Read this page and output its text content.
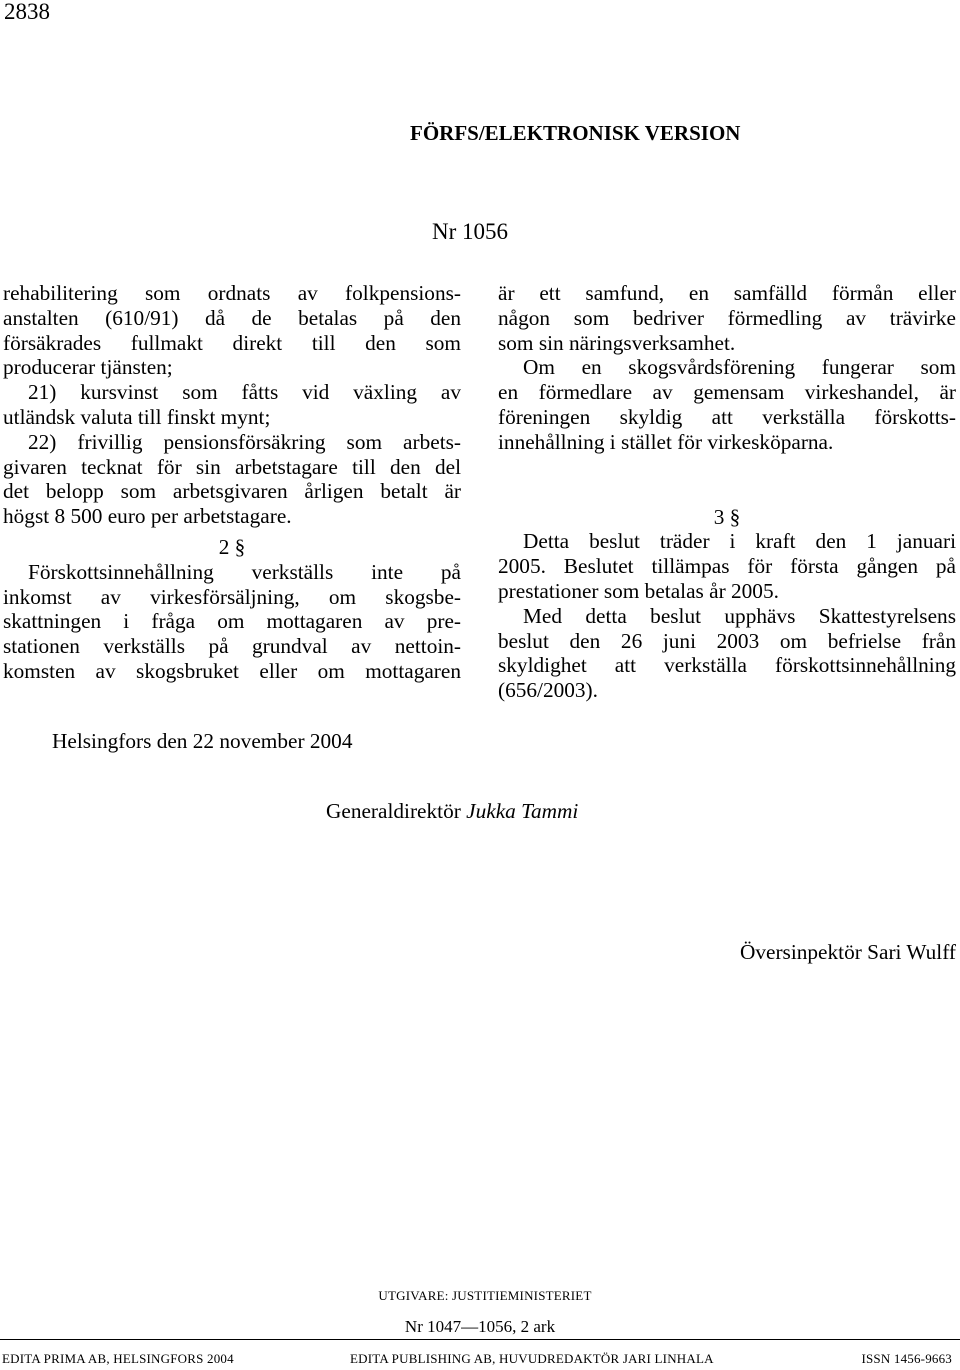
2838
FÖRFS/ELEKTRONISK VERSION
Nr 1056

rehabilitering som ordnats av folkpensions-
anstalten (610/91) då de betalas på den
försäkrades fullmakt direkt till den som
producerar tjänsten;

21) kursvinst som fåtts vid växling av
utländsk valuta till finskt mynt;

22) frivillig pensionsförsäkring som arbets-
givaren tecknat för sin arbetstagare till den del
det belopp som arbetsgivaren årligen betalt är
högst 8 500 euro per arbetstagare.

2 §

Förskottsinnehållning verkställs inte på
inkomst av virkesförsäljning, om skogsbe-
skattningen i fråga om mottagaren av pre-
stationen verkställs på grundval av nettoin-
komsten av skogsbruket eller om mottagaren

är ett samfund, en samfälld förmån eller
någon som bedriver förmedling av trävirke
som sin näringsverksamhet.

Om en skogsvårdsförening fungerar som
en förmedlare av gemensam virkeshandel, är
föreningen skyldig att verkställa förskotts-
innehållning i stället för virkesköparna.

3 §

Detta beslut träder i kraft den 1 januari
2005. Beslutet tillämpas för första gången på
prestationer som betalas år 2005.

Med detta beslut upphävs Skattestyrelsens
beslut den 26 juni 2003 om befrielse från
skyldighet att verkställa förskottsinnehållning
(656/2003).

Helsingfors den 22 november 2004
Generaldirektör Jukka Tammi
Översinpektör Sari Wulff
UTGIVARE: JUSTITIEMINISTERIET
Nr 1047—1056, 2 ark
EDITA PRIMA AB, HELSINGFORS 2004	EDITA PUBLISHING AB, HUVUDREDAKTÖR JARI LINHALA	ISSN 1456-9663
